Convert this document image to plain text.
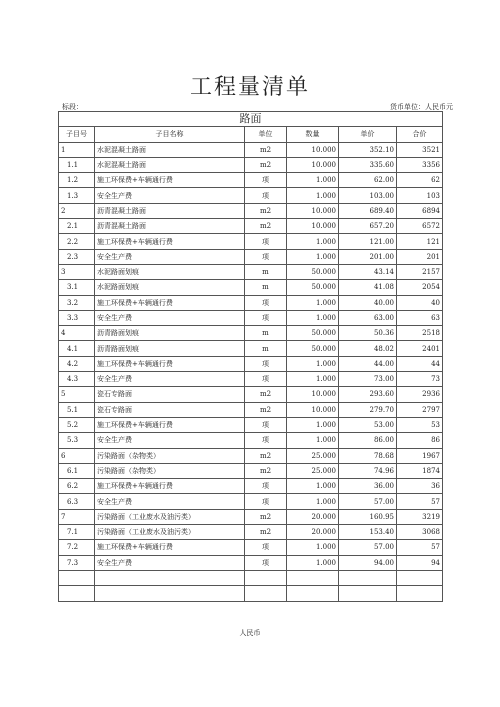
工程量清单
标段：	货币单位：人民币元
路面					
子目号	子目名称	单位	数量	单价	合价
1	水泥混凝土路面	m2	10.000	352.10	3521
1.1	水泥混凝土路面	m2	10.000	335.60	3356
1.2	施工环保费+车辆通行费	项	1.000	62.00	62
1.3	安全生产费	项	1.000	103.00	103
2	沥青混凝土路面	m2	10.000	689.40	6894
2.1	沥青混凝土路面	m2	10.000	657.20	6572
2.2	施工环保费+车辆通行费	项	1.000	121.00	121
2.3	安全生产费	项	1.000	201.00	201
3	水泥路面划痕	m	50.000	43.14	2157
3.1	水泥路面划痕	m	50.000	41.08	2054
3.2	施工环保费+车辆通行费	项	1.000	40.00	40
3.3	安全生产费	项	1.000	63.00	63
4	沥青路面划痕	m	50.000	50.36	2518
4.1	沥青路面划痕	m	50.000	48.02	2401
4.2	施工环保费+车辆通行费	项	1.000	44.00	44
4.3	安全生产费	项	1.000	73.00	73
5	瓷石专路面	m2	10.000	293.60	2936
5.1	瓷石专路面	m2	10.000	279.70	2797
5.2	施工环保费+车辆通行费	项	1.000	53.00	53
5.3	安全生产费	项	1.000	86.00	86
6	污染路面（杂物类）	m2	25.000	78.68	1967
6.1	污染路面（杂物类）	m2	25.000	74.96	1874
6.2	施工环保费+车辆通行费	项	1.000	36.00	36
6.3	安全生产费	项	1.000	57.00	57
7	污染路面（工业废水及油污类）	m2	20.000	160.95	3219
7.1	污染路面（工业废水及油污类）	m2	20.000	153.40	3068
7.2	施工环保费+车辆通行费	项	1.000	57.00	57
7.3	安全生产费	项	1.000	94.00	94

人民币
